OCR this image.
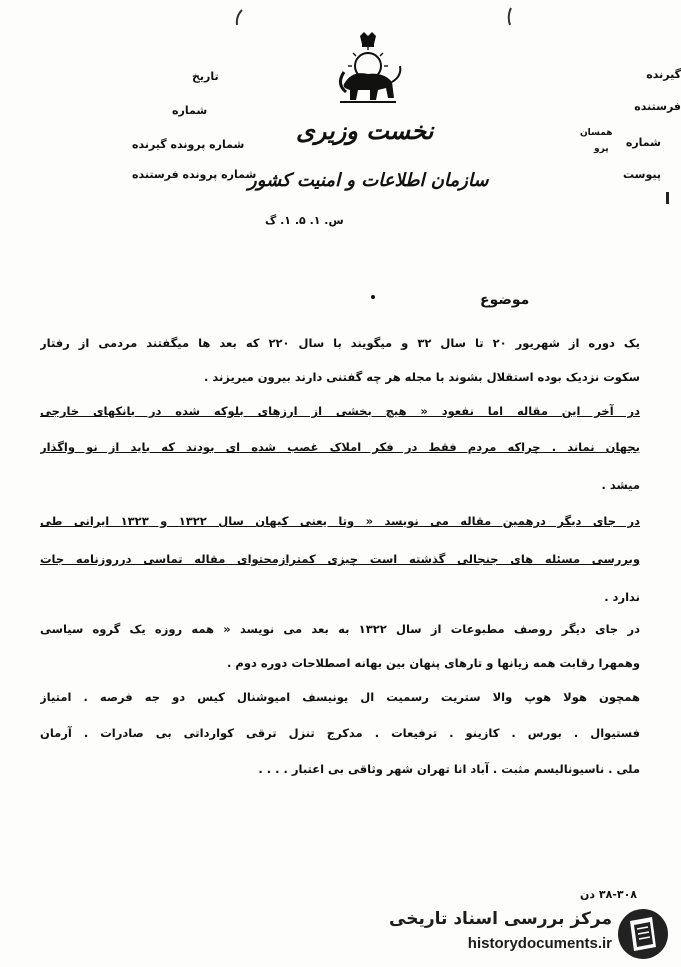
گیرنده
فرستنده
شماره
همسان
پرو
پیوست
تاریخ
شماره
شماره پرونده گیرنده
شماره پرونده فرستنده
نخست وزیری
سازمان اطلاعات و امنیت کشور
س. ۱. ۵. ۱. گ
موضوع
یک دوره از شهریور ۲۰ تا سال ۳۲ و میگویند با سال ۲۲۰ که بعد ها میگفتند مردمی از رفتار
سکوت نزدیک بوده استقلال بشوند با مجله هر چه گفتنی دارند بیرون میریزند .
در آخر این مقاله اما نفعود « هیچ بخشی از ارزهای بلوکه شده در بانکهای خارجی
بجهان نماند . چراکه مردم فقط در فکر املاک غصب شده ای بودند که باید از نو واگذار
میشد .
در جای دیگر درهمین مقاله می نویسد « وتا یعنی کیهان سال ۱۳۲۲ و ۱۳۲۳ ایرانی طی
وبررسی مسئله های جنجالی گذشته است چیزی کمترازمحتوای مقاله تماسی درروزنامه جات
ندارد .
در جای دیگر روصف مطبوعات از سال ۱۳۲۲ به بعد می نویسد « همه روزه یک گروه سیاسی
وهمهرا رقابت همه زیانها و تارهای پنهان بین بهانه اصطلاحات دوره دوم .
همچون هولا هوپ والا ستریت رسمیت ال یونیسف امیوشنال کیس دو جه فرصه . امتیاز
فستیوال . بورس . کازینو . ترفیعات . مدکرج تنزل ترقی کوارداتی بی صادرات . آرمان
ملی . ناسیونالیسم مثبت . آباد انا تهران شهر وثاقی بی اعتبار . . . .
۳۸-۳۰۸ دن
مرکز بررسی اسناد تاریخی
historydocuments.ir
